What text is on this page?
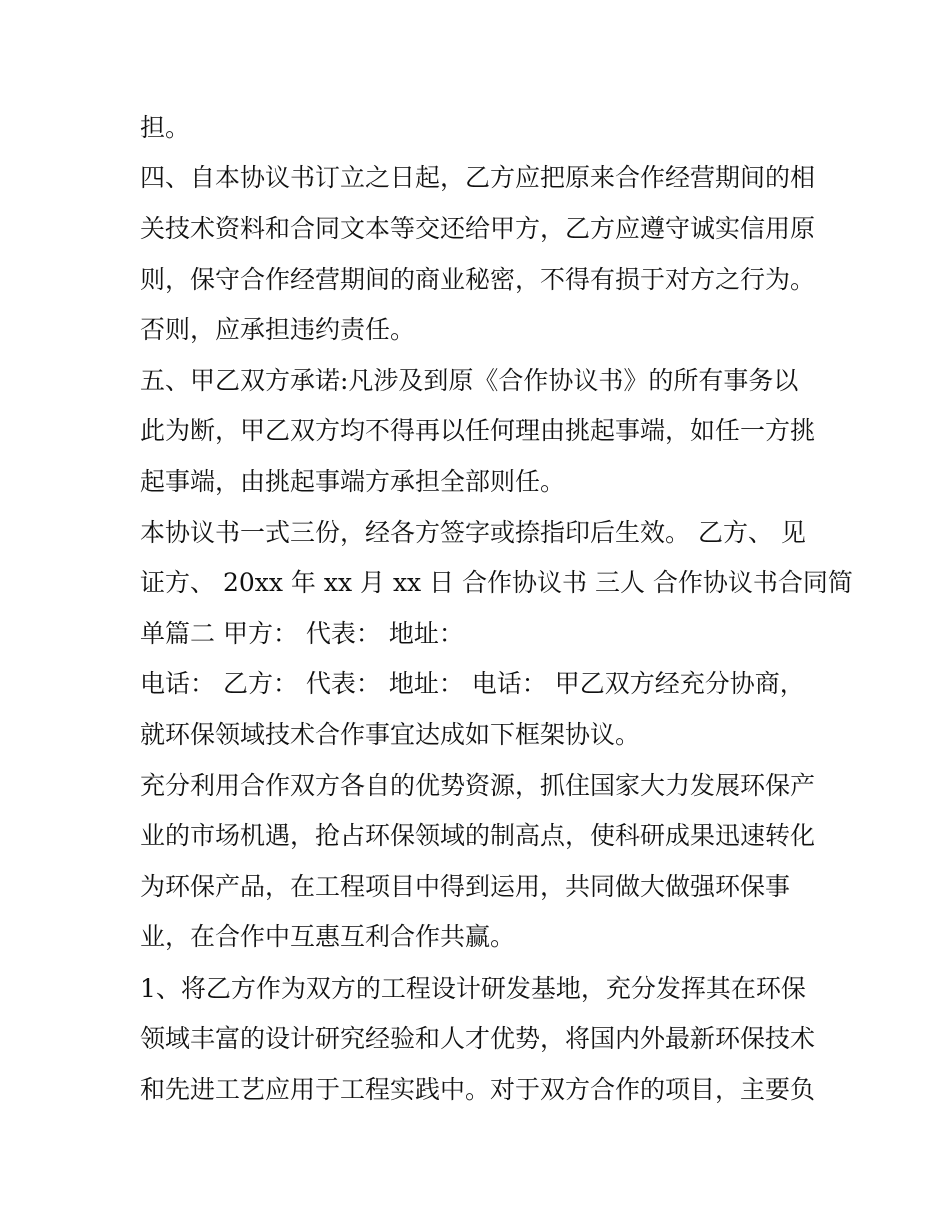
担。
四、自本协议书订立之日起，乙方应把原来合作经营期间的相
关技术资料和合同文本等交还给甲方，乙方应遵守诚实信用原
则，保守合作经营期间的商业秘密，不得有损于对方之行为。
否则，应承担违约责任。
五、甲乙双方承诺:凡涉及到原《合作协议书》的所有事务以
此为断，甲乙双方均不得再以任何理由挑起事端，如任一方挑
起事端，由挑起事端方承担全部则任。
本协议书一式三份，经各方签字或捺指印后生效。 乙方、 见
证方、 20xx 年 xx 月 xx 日 合作协议书 三人 合作协议书合同简
单篇二 甲方： 代表： 地址：
电话： 乙方： 代表： 地址： 电话： 甲乙双方经充分协商，
就环保领域技术合作事宜达成如下框架协议。
充分利用合作双方各自的优势资源，抓住国家大力发展环保产
业的市场机遇，抢占环保领域的制高点，使科研成果迅速转化
为环保产品，在工程项目中得到运用，共同做大做强环保事
业，在合作中互惠互利合作共赢。
1、将乙方作为双方的工程设计研发基地，充分发挥其在环保
领域丰富的设计研究经验和人才优势，将国内外最新环保技术
和先进工艺应用于工程实践中。对于双方合作的项目，主要负
